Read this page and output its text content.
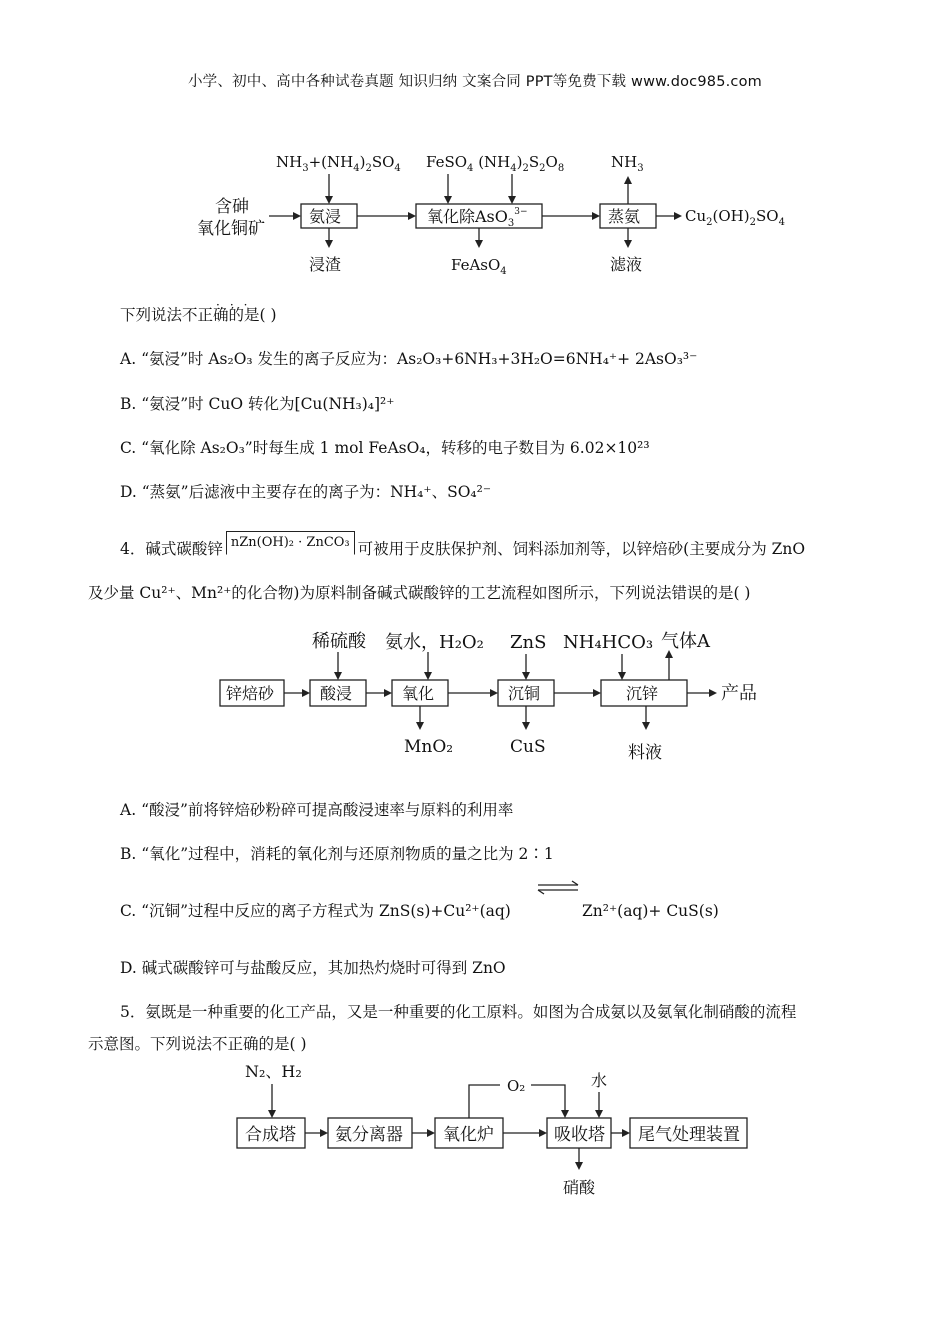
小学、初中、高中各种试卷真题 知识归纳 文案合同 PPT等免费下载 www.doc985.com
含砷
氧化铜矿
氨浸
$NH_3+(NH_4)_2SO_4$
浸渣
氧化除AsO$_3^{3-}$
FeSO$_4$ $(NH_4)_2S_2O_8$
FeAsO$_4$
蒸氨
$NH_3$
滤液
$Cu_2(OH)_2SO_4$
下列说法不正确的是( )
···
A. “氨浸”时 As₂O₃ 发生的离子反应为：As₂O₃+6NH₃+3H₂O=6NH₄⁺+ 2AsO₃³⁻
B. “氨浸”时 CuO 转化为[Cu(NH₃)₄]²⁺
C. “氧化除 As₂O₃”时每生成 1 mol FeAsO₄，转移的电子数目为 6.02×10²³
D. “蒸氨”后滤液中主要存在的离子为：NH₄⁺、SO₄²⁻
4．碱式碳酸锌 nZn(OH)₂ · ZnCO₃ 可被用于皮肤保护剂、饲料添加剂等，以锌焙砂(主要成分为 ZnO
及少量 Cu²⁺、Mn²⁺的化合物)为原料制备碱式碳酸锌的工艺流程如图所示，下列说法错误的是( )
锌焙砂	酸浸
稀硫酸
氧化
氨水，H₂O₂
MnO₂
沉铜
ZnS
CuS
沉锌
NH₄HCO₃ 气体A
料液
产品
A. “酸浸”前将锌焙砂粉碎可提高酸浸速率与原料的利用率
B. “氧化”过程中，消耗的氧化剂与还原剂物质的量之比为 2∶1
C. “沉铜”过程中反应的离子方程式为 ZnS(s)+Cu²⁺(aq)	Zn²⁺(aq)+ CuS(s)
D. 碱式碳酸锌可与盐酸反应，其加热灼烧时可得到 ZnO
5．氨既是一种重要的化工产品，又是一种重要的化工原料。如图为合成氨以及氨氧化制硝酸的流程
示意图。下列说法不正确的是( )
N₂、H₂
合成塔 氨分离器 氧化炉
O₂	水
吸收塔 尾气处理装置
硝酸
